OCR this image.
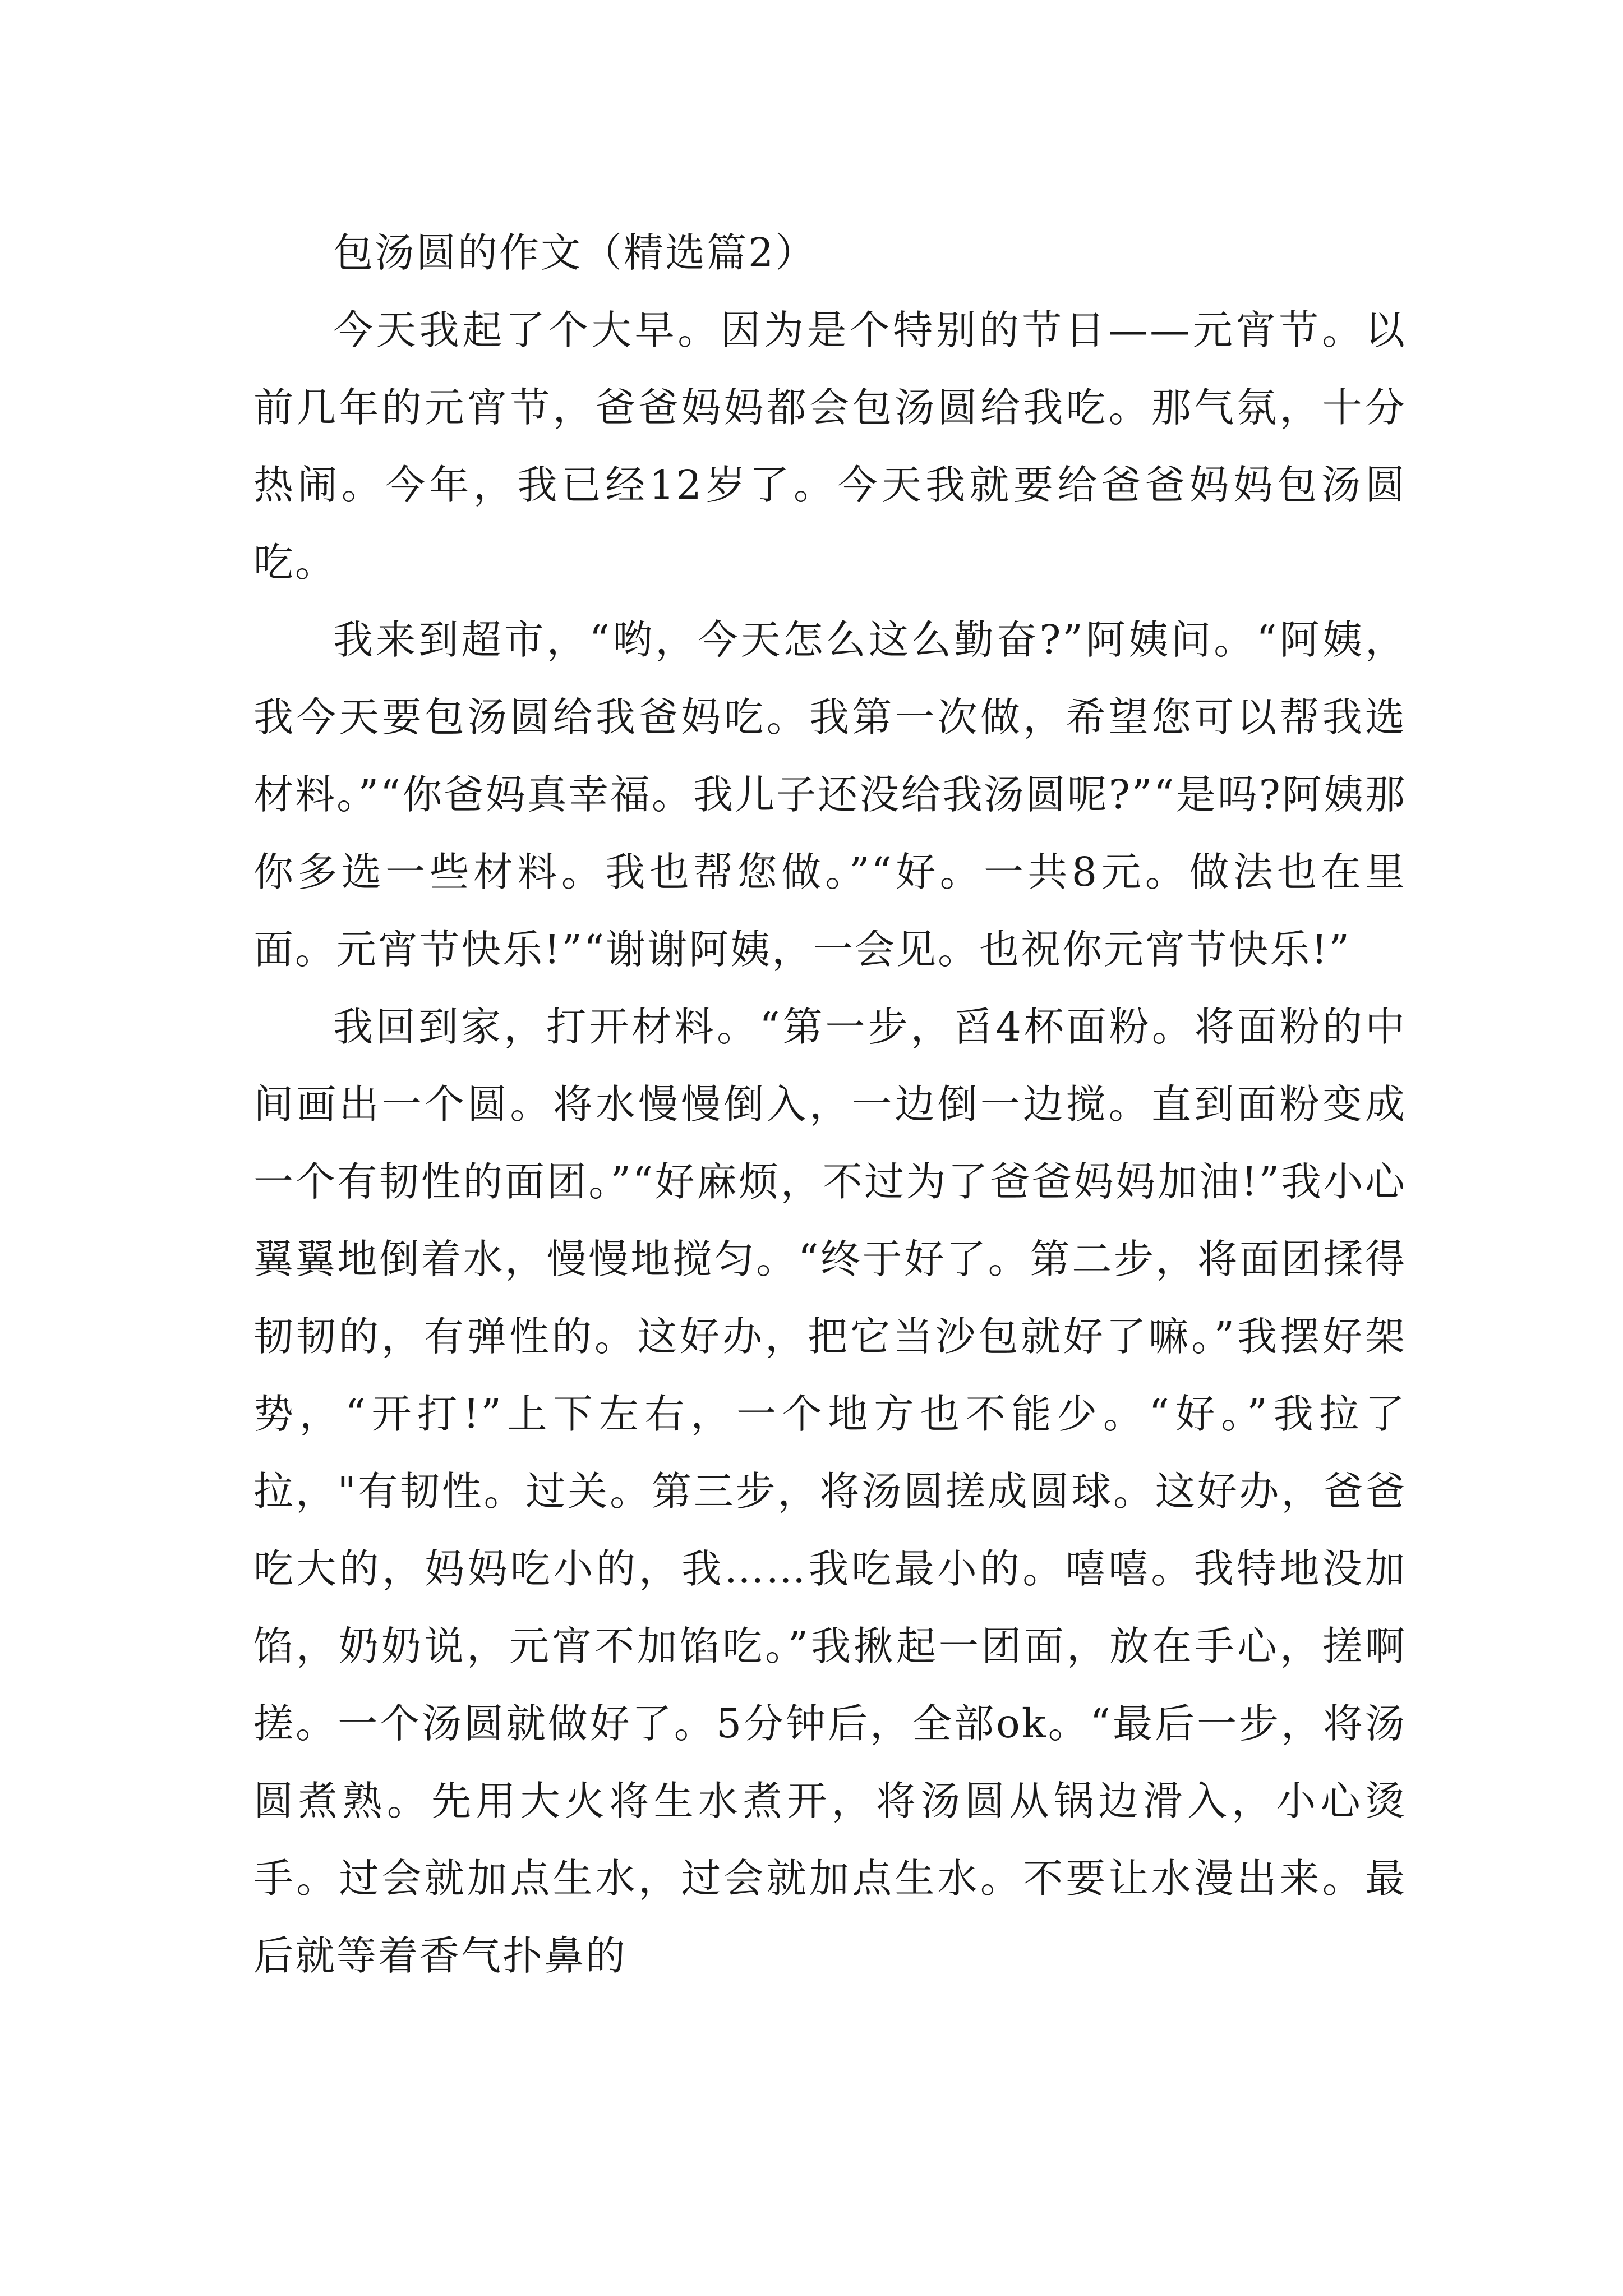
包汤圆的作文（精选篇2）

今天我起了个大早。因为是个特别的节日——元宵节。以前几年的元宵节，爸爸妈妈都会包汤圆给我吃。那气氛，十分热闹。今年，我已经12岁了。今天我就要给爸爸妈妈包汤圆吃。

我来到超市，“哟，今天怎么这么勤奋?”阿姨问。“阿姨，我今天要包汤圆给我爸妈吃。我第一次做，希望您可以帮我选材料。”“你爸妈真幸福。我儿子还没给我汤圆呢?”“是吗?阿姨那你多选一些材料。我也帮您做。”“好。一共8元。做法也在里面。元宵节快乐!”“谢谢阿姨，一会见。也祝你元宵节快乐!”

我回到家，打开材料。“第一步，舀4杯面粉。将面粉的中间画出一个圆。将水慢慢倒入，一边倒一边搅。直到面粉变成一个有韧性的面团。”“好麻烦，不过为了爸爸妈妈加油!”我小心翼翼地倒着水，慢慢地搅匀。“终于好了。第二步，将面团揉得韧韧的，有弹性的。这好办，把它当沙包就好了嘛。”我摆好架势，“开打!”上下左右，一个地方也不能少。“好。”我拉了拉，"有韧性。过关。第三步，将汤圆搓成圆球。这好办，爸爸吃大的，妈妈吃小的，我……我吃最小的。嘻嘻。我特地没加馅，奶奶说，元宵不加馅吃。”我揪起一团面，放在手心，搓啊搓。一个汤圆就做好了。5分钟后，全部ok。“最后一步，将汤圆煮熟。先用大火将生水煮开，将汤圆从锅边滑入，小心烫手。过会就加点生水，过会就加点生水。不要让水漫出来。最后就等着香气扑鼻的
